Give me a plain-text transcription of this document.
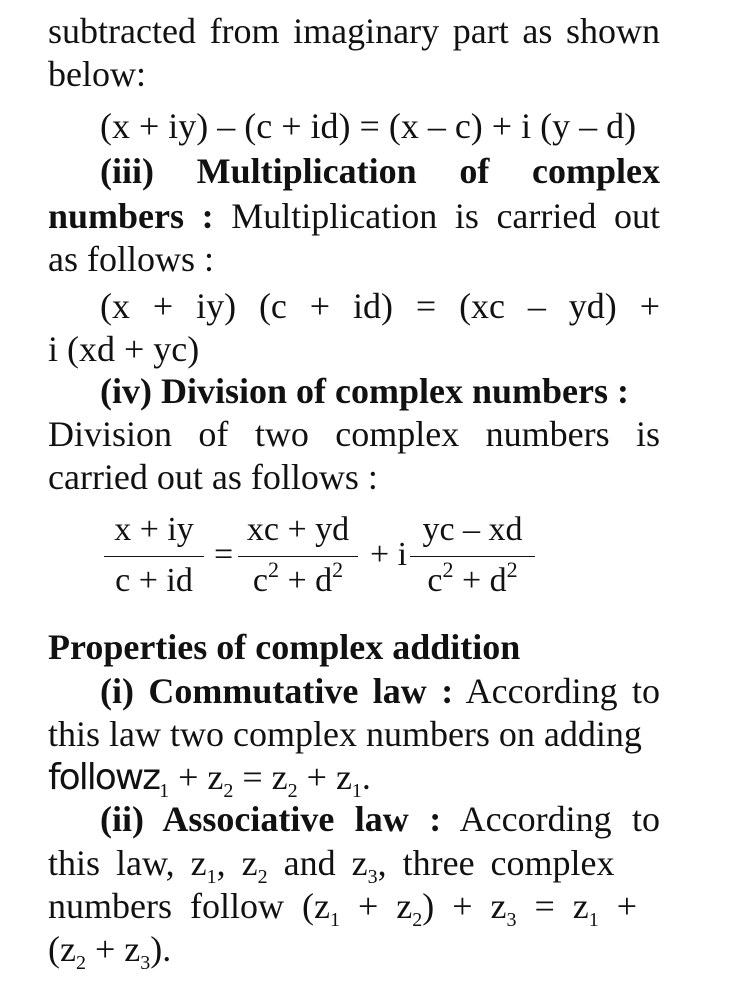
subtracted from imaginary part as shown
below:
(x + iy) – (c + id) = (x – c) + i (y – d)
(iii) Multiplication of complex
numbers : Multiplication is carried out
as follows :
(x + iy) (c + id) = (xc – yd) +
i (xd + yc)
(iv) Division of complex numbers :
Division of two complex numbers is
carried out as follows :
x + iy
c + id
=
xc + yd
$c^2 + d^2 + i$
yc – xd
$c^2 + d^2$
Properties of complex addition
(i) Commutative law : According to
this law two complex numbers on adding
followz$_1$ + $z_2 = z_2 + z_1$.
(ii) Associative law : According to
this law, $z_1$, $z_2$ and $z_3$, three complex
numbers follow $(z_1 + z_2) + z_3 = z_1$ +
$(z_2 + z_3)$.
